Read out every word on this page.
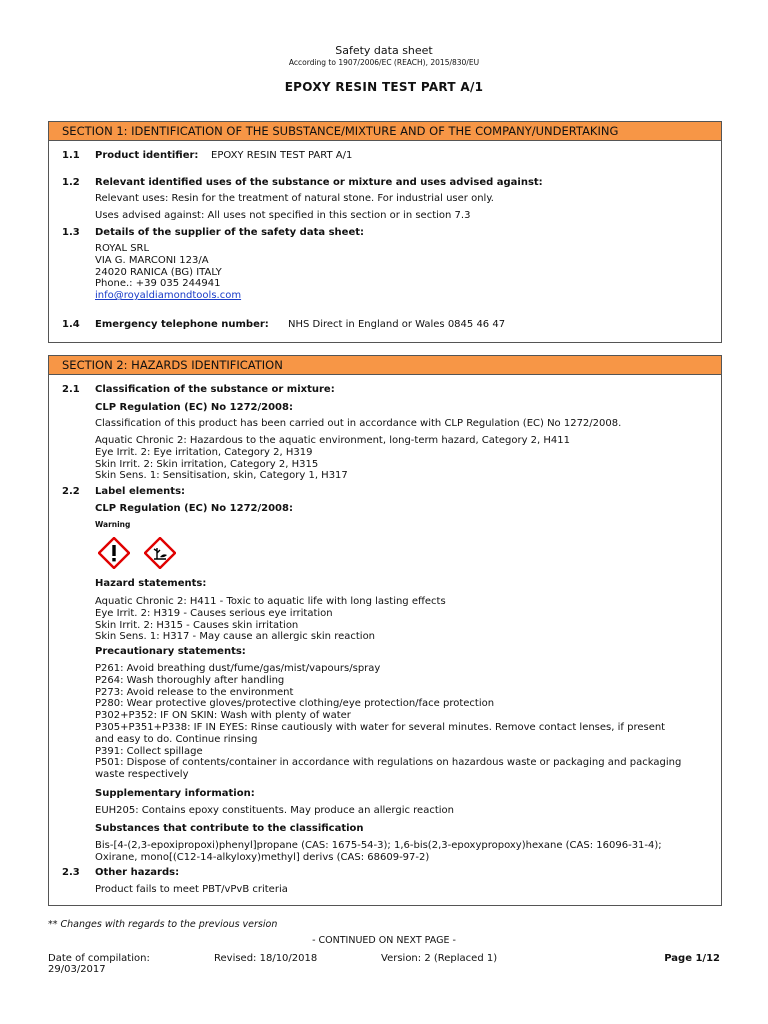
Safety data sheet
According to 1907/2006/EC (REACH), 2015/830/EU
EPOXY RESIN TEST PART A/1
SECTION 1: IDENTIFICATION OF THE SUBSTANCE/MIXTURE AND OF THE COMPANY/UNDERTAKING
1.1 Product identifier: EPOXY RESIN TEST PART A/1
1.2 Relevant identified uses of the substance or mixture and uses advised against:
Relevant uses: Resin for the treatment of natural stone. For industrial user only.
Uses advised against: All uses not specified in this section or in section 7.3
1.3 Details of the supplier of the safety data sheet:
ROYAL SRL
VIA G. MARCONI 123/A
24020 RANICA (BG) ITALY
Phone.: +39 035 244941
info@royaldiamondtools.com
1.4 Emergency telephone number: NHS Direct in England or Wales 0845 46 47
SECTION 2: HAZARDS IDENTIFICATION
2.1 Classification of the substance or mixture:
CLP Regulation (EC) No 1272/2008:
Classification of this product has been carried out in accordance with CLP Regulation (EC) No 1272/2008.
Aquatic Chronic 2: Hazardous to the aquatic environment, long-term hazard, Category 2, H411
Eye Irrit. 2: Eye irritation, Category 2, H319
Skin Irrit. 2: Skin irritation, Category 2, H315
Skin Sens. 1: Sensitisation, skin, Category 1, H317
2.2 Label elements:
CLP Regulation (EC) No 1272/2008:
Warning
Hazard statements:
Aquatic Chronic 2: H411 - Toxic to aquatic life with long lasting effects
Eye Irrit. 2: H319 - Causes serious eye irritation
Skin Irrit. 2: H315 - Causes skin irritation
Skin Sens. 1: H317 - May cause an allergic skin reaction
Precautionary statements:
P261: Avoid breathing dust/fume/gas/mist/vapours/spray
P264: Wash thoroughly after handling
P273: Avoid release to the environment
P280: Wear protective gloves/protective clothing/eye protection/face protection
P302+P352: IF ON SKIN: Wash with plenty of water
P305+P351+P338: IF IN EYES: Rinse cautiously with water for several minutes. Remove contact lenses, if present
and easy to do. Continue rinsing
P391: Collect spillage
P501: Dispose of contents/container in accordance with regulations on hazardous waste or packaging and packaging
waste respectively
Supplementary information:
EUH205: Contains epoxy constituents. May produce an allergic reaction
Substances that contribute to the classification
Bis-[4-(2,3-epoxipropoxi)phenyl]propane (CAS: 1675-54-3); 1,6-bis(2,3-epoxypropoxy)hexane (CAS: 16096-31-4);
Oxirane, mono[(C12-14-alkyloxy)methyl] derivs (CAS: 68609-97-2)
2.3 Other hazards:
Product fails to meet PBT/vPvB criteria
** Changes with regards to the previous version
- CONTINUED ON NEXT PAGE -
Date of compilation:
29/03/2017
Revised: 18/10/2018	Version: 2 (Replaced 1)	Page 1/12
